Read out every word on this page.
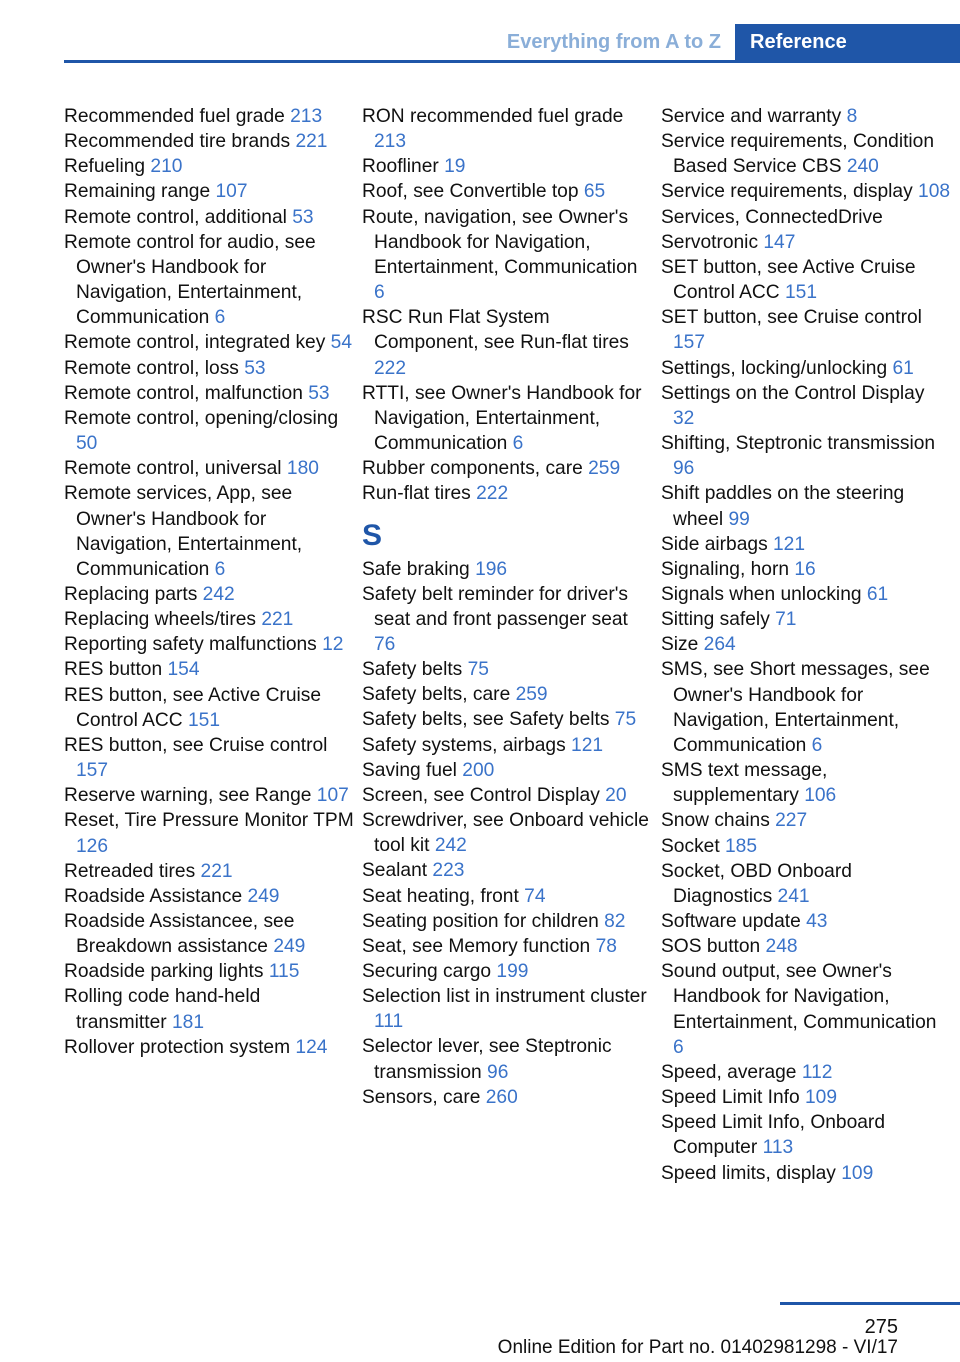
Everything from A to Z	Reference

Recommended fuel grade 213

Recommended tire brands 221

Refueling 210

Remaining range 107

Remote control, additional 53

Remote control for audio, see Owner's Handbook for Navigation, Entertainment, Communication 6

Remote control, integrated key 54

Remote control, loss 53

Remote control, malfunction 53

Remote control, opening/closing 50

Remote control, universal 180

Remote services, App, see Owner's Handbook for Navigation, Entertainment, Communication 6

Replacing parts 242

Replacing wheels/tires 221

Reporting safety malfunctions 12

RES button 154

RES button, see Active Cruise Control ACC 151

RES button, see Cruise control 157

Reserve warning, see Range 107

Reset, Tire Pressure Monitor TPM 126

Retreaded tires 221

Roadside Assistance 249

Roadside Assistancee, see Breakdown assistance 249

Roadside parking lights 115

Rolling code hand-held transmitter 181

Rollover protection system 124

RON recommended fuel grade 213

Roofliner 19

Roof, see Convertible top 65

Route, navigation, see Owner's Handbook for Navigation, Entertainment, Communication 6

RSC Run Flat System Component, see Run-flat tires 222

RTTI, see Owner's Handbook for Navigation, Entertainment, Communication 6

Rubber components, care 259

Run-flat tires 222

S

Safe braking 196

Safety belt reminder for driver's seat and front passenger seat 76

Safety belts 75

Safety belts, care 259

Safety belts, see Safety belts 75

Safety systems, airbags 121

Saving fuel 200

Screen, see Control Display 20

Screwdriver, see Onboard vehicle tool kit 242

Sealant 223

Seat heating, front 74

Seating position for children 82

Seat, see Memory function 78

Securing cargo 199

Selection list in instrument cluster 111

Selector lever, see Steptronic transmission 96

Sensors, care 260

Service and warranty 8

Service requirements, Condition Based Service CBS 240

Service requirements, display 108

Services, ConnectedDrive

Servotronic 147

SET button, see Active Cruise Control ACC 151

SET button, see Cruise control 157

Settings, locking/unlocking 61

Settings on the Control Display 32

Shifting, Steptronic transmission 96

Shift paddles on the steering wheel 99

Side airbags 121

Signaling, horn 16

Signals when unlocking 61

Sitting safely 71

Size 264

SMS, see Short messages, see Owner's Handbook for Navigation, Entertainment, Communication 6

SMS text message, supplementary 106

Snow chains 227

Socket 185

Socket, OBD Onboard Diagnostics 241

Software update 43

SOS button 248

Sound output, see Owner's Handbook for Navigation, Entertainment, Communication 6

Speed, average 112

Speed Limit Info 109

Speed Limit Info, Onboard Computer 113

Speed limits, display 109

275
Online Edition for Part no. 01402981298 - VI/17
